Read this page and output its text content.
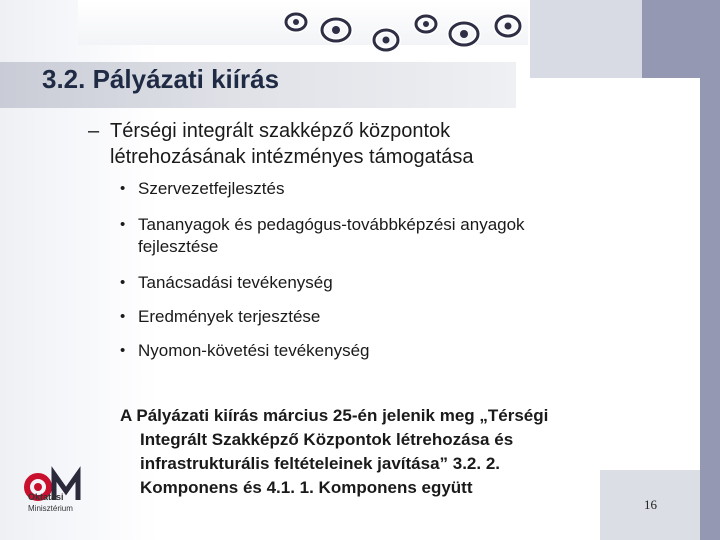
3.2. Pályázati kiírás
– Térségi integrált szakképző központok
létrehozásának intézményes támogatása
• Szervezetfejlesztés
• Tananyagok és pedagógus-továbbképzési anyagok
fejlesztése
• Tanácsadási tevékenység
• Eredmények terjesztése
• Nyomon-követési tevékenység
A Pályázati kiírás március 25-én jelenik meg „Térségi
Integrált Szakképző Központok létrehozása és
infrastrukturális feltételeinek javítása” 3.2. 2.
Komponens és 4.1. 1. Komponens együtt
Oktatási
Minisztérium	16
